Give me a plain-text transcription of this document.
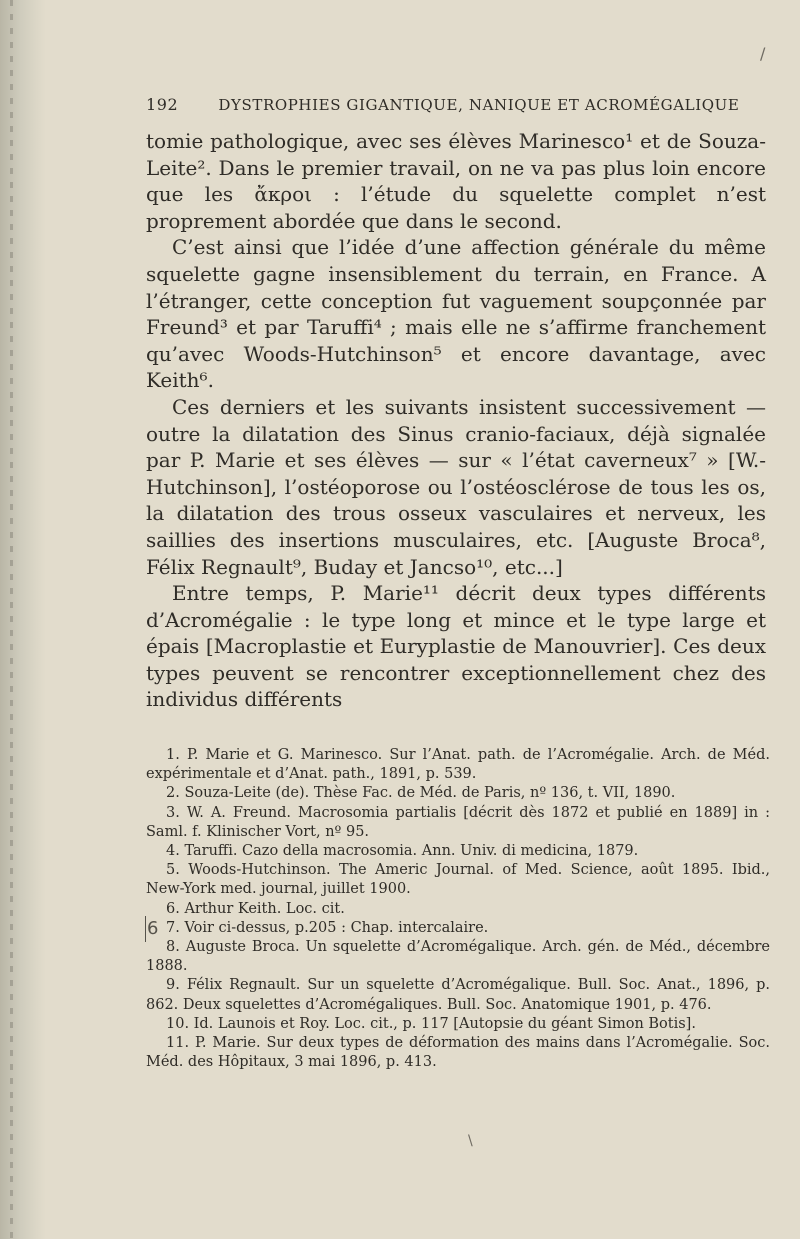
/
\
192	DYSTROPHIES GIGANTIQUE, NANIQUE ET ACROMÉGALIQUE

tomie pathologique, avec ses élèves Marinesco¹ et de Souza-Leite². Dans le premier travail, on ne va pas plus loin encore que les ἄκροι : l’étude du squelette complet n’est proprement abordée que dans le second.

C’est ainsi que l’idée d’une affection générale du même squelette gagne insensiblement du terrain, en France. A l’étranger, cette conception fut vaguement soupçonnée par Freund³ et par Taruffi⁴ ; mais elle ne s’affirme franchement qu’avec Woods-Hutchinson⁵ et encore davantage, avec Keith⁶.

Ces derniers et les suivants insistent successivement — outre la dilatation des Sinus cranio-faciaux, déjà signalée par P. Marie et ses élèves — sur « l’état caverneux⁷ » [W.-Hutchinson], l’ostéoporose ou l’ostéosclérose de tous les os, la dilatation des trous osseux vasculaires et nerveux, les saillies des insertions musculaires, etc. [Auguste Broca⁸, Félix Regnault⁹, Buday et Jancso¹⁰, etc...]

Entre temps, P. Marie¹¹ décrit deux types différents d’Acromégalie : le type long et mince et le type large et épais [Macroplastie et Euryplastie de Manouvrier]. Ces deux types peuvent se rencontrer exceptionnellement chez des individus différents

1. P. Marie et G. Marinesco. Sur l’Anat. path. de l’Acromégalie. Arch. de Méd. expérimentale et d’Anat. path., 1891, p. 539.

2. Souza-Leite (de). Thèse Fac. de Méd. de Paris, nº 136, t. VII, 1890.

3. W. A. Freund. Macrosomia partialis [décrit dès 1872 et publié en 1889] in : Saml. f. Klinischer Vort, nº 95.

4. Taruffi. Cazo della macrosomia. Ann. Univ. di medicina, 1879.

5. Woods-Hutchinson. The Americ Journal. of Med. Science, août 1895. Ibid., New-York med. journal, juillet 1900.

6. Arthur Keith. Loc. cit.

7. Voir ci-dessus, p.205 : Chap. intercalaire.

8. Auguste Broca. Un squelette d’Acromégalique. Arch. gén. de Méd., décembre 1888.

9. Félix Regnault. Sur un squelette d’Acromégalique. Bull. Soc. Anat., 1896, p. 862. Deux squelettes d’Acromégaliques. Bull. Soc. Anatomique 1901, p. 476.

10. Id. Launois et Roy. Loc. cit., p. 117 [Autopsie du géant Simon Botis].

11. P. Marie. Sur deux types de déformation des mains dans l’Acromégalie. Soc. Méd. des Hôpitaux, 3 mai 1896, p. 413.

6
